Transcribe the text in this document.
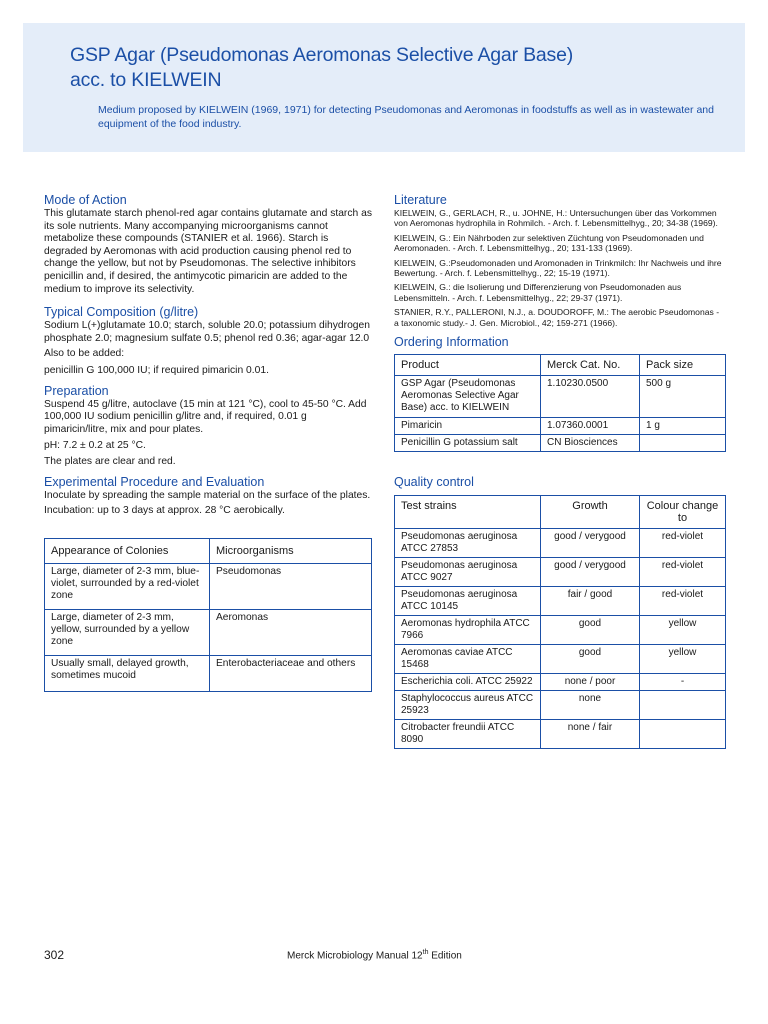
GSP Agar (Pseudomonas Aeromonas Selective Agar Base)
acc. to KIELWEIN
Medium proposed by KIELWEIN (1969, 1971) for detecting Pseudomonas and Aeromonas in foodstuffs as well as in wastewater and equipment of the food industry.
Mode of Action

This glutamate starch phenol-red agar contains glutamate and starch as its sole nutrients. Many accompanying microorganisms cannot metabolize these compounds (STANIER et al. 1966). Starch is degraded by Aeromonas with acid production causing phenol red to change the yellow, but not by Pseudomonas. The selective inhibitors penicillin and, if desired, the antimycotic pimaricin are added to the medium to improve its selectivity.

Typical Composition (g/litre)

Sodium L(+)glutamate 10.0; starch, soluble 20.0; potassium dihydrogen phosphate 2.0; magnesium sulfate 0.5; phenol red 0.36; agar-agar 12.0

Also to be added:

penicillin G 100,000 IU; if required pimaricin 0.01.

Preparation

Suspend 45 g/litre, autoclave (15 min at 121 °C), cool to 45-50 °C. Add 100,000 IU sodium penicillin g/litre and, if required, 0.01 g pimaricin/litre, mix and pour plates.

pH: 7.2 ± 0.2 at 25 °C.

The plates are clear and red.

Experimental Procedure and Evaluation

Inoculate by spreading the sample material on the surface of the plates.

Incubation: up to 3 days at approx. 28 °C aerobically.

Appearance of Colonies	Microorganisms
Large, diameter of 2-3 mm, blue-violet, surrounded by a red-violet zone	Pseudomonas
Large, diameter of 2-3 mm, yellow, surrounded by a yellow zone	Aeromonas
Usually small, delayed growth, sometimes mucoid	Enterobacteriaceae and others
Literature

KIELWEIN, G., GERLACH, R., u. JOHNE, H.: Untersuchungen über das Vorkommen von Aeromonas hydrophila in Rohmilch. - Arch. f. Lebensmittelhyg., 20; 34-38 (1969).

KIELWEIN, G.: Ein Nährboden zur selektiven Züchtung von Pseudomonaden und Aeromonaden. - Arch. f. Lebensmittelhyg., 20; 131-133 (1969).

KIELWEIN, G.:Pseudomonaden und Aromonaden in Trinkmilch: Ihr Nachweis und ihre Bewertung. - Arch. f. Lebensmittelhyg., 22; 15-19 (1971).

KIELWEIN, G.: die Isolierung und Differenzierung von Pseudomonaden aus Lebensmitteln. - Arch. f. Lebensmittelhyg., 22; 29-37 (1971).

STANIER, R.Y., PALLERONI, N.J., a. DOUDOROFF, M.: The aerobic Pseudomonas - a taxonomic study.- J. Gen. Microbiol., 42; 159-271 (1966).

Ordering Information
Product	Merck Cat. No.	Pack size
GSP Agar (Pseudomonas Aeromonas Selective Agar Base) acc. to KIELWEIN	1.10230.0500	500 g
Pimaricin	1.07360.0001	1 g
Penicillin G potassium salt	CN Biosciences	
Quality control
Test strains	Growth	Colour change to
Pseudomonas aeruginosa ATCC 27853	good / verygood	red-violet
Pseudomonas aeruginosa ATCC 9027	good / verygood	red-violet
Pseudomonas aeruginosa ATCC 10145	fair / good	red-violet
Aeromonas hydrophila ATCC 7966	good	yellow
Aeromonas caviae ATCC 15468	good	yellow
Escherichia coli. ATCC 25922	none / poor	-
Staphylococcus aureus ATCC 25923	none	
Citrobacter freundii ATCC 8090	none / fair	
302	Merck Microbiology Manual 12th Edition
